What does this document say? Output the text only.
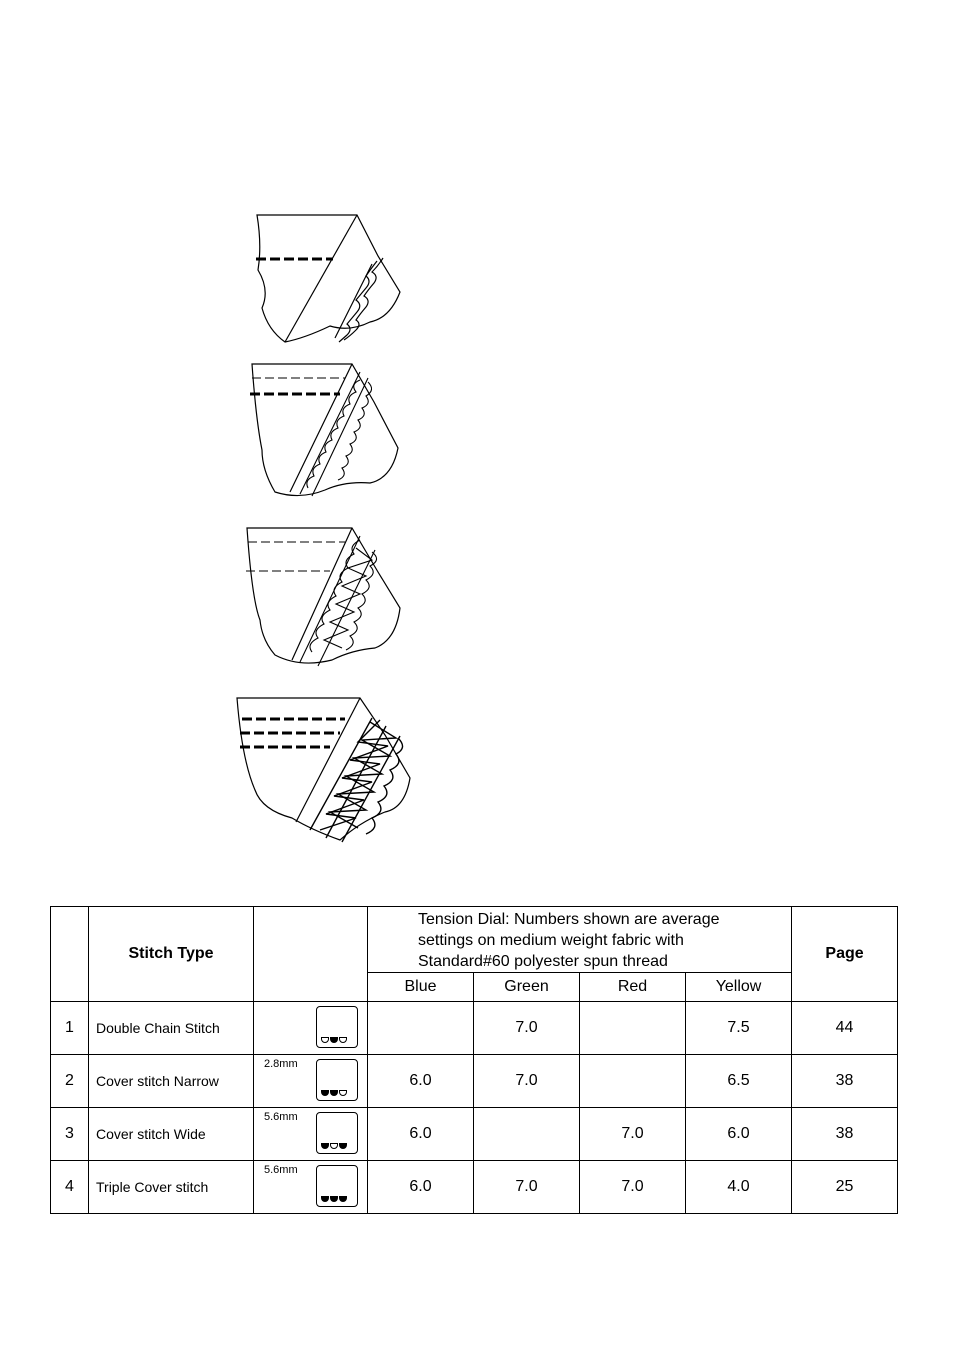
	Stitch Type		Tension Dial: Numbers shown are average
settings on medium weight fabric with
Standard#60 polyester spun thread				Page
			Blue	Green	Red	Yellow	
1	Double Chain Stitch			7.0		7.5	44
2	Cover stitch Narrow	2.8mm	6.0	7.0		6.5	38
3	Cover stitch Wide	5.6mm	6.0		7.0	6.0	38
4	Triple Cover stitch	5.6mm	6.0	7.0	7.0	4.0	25
